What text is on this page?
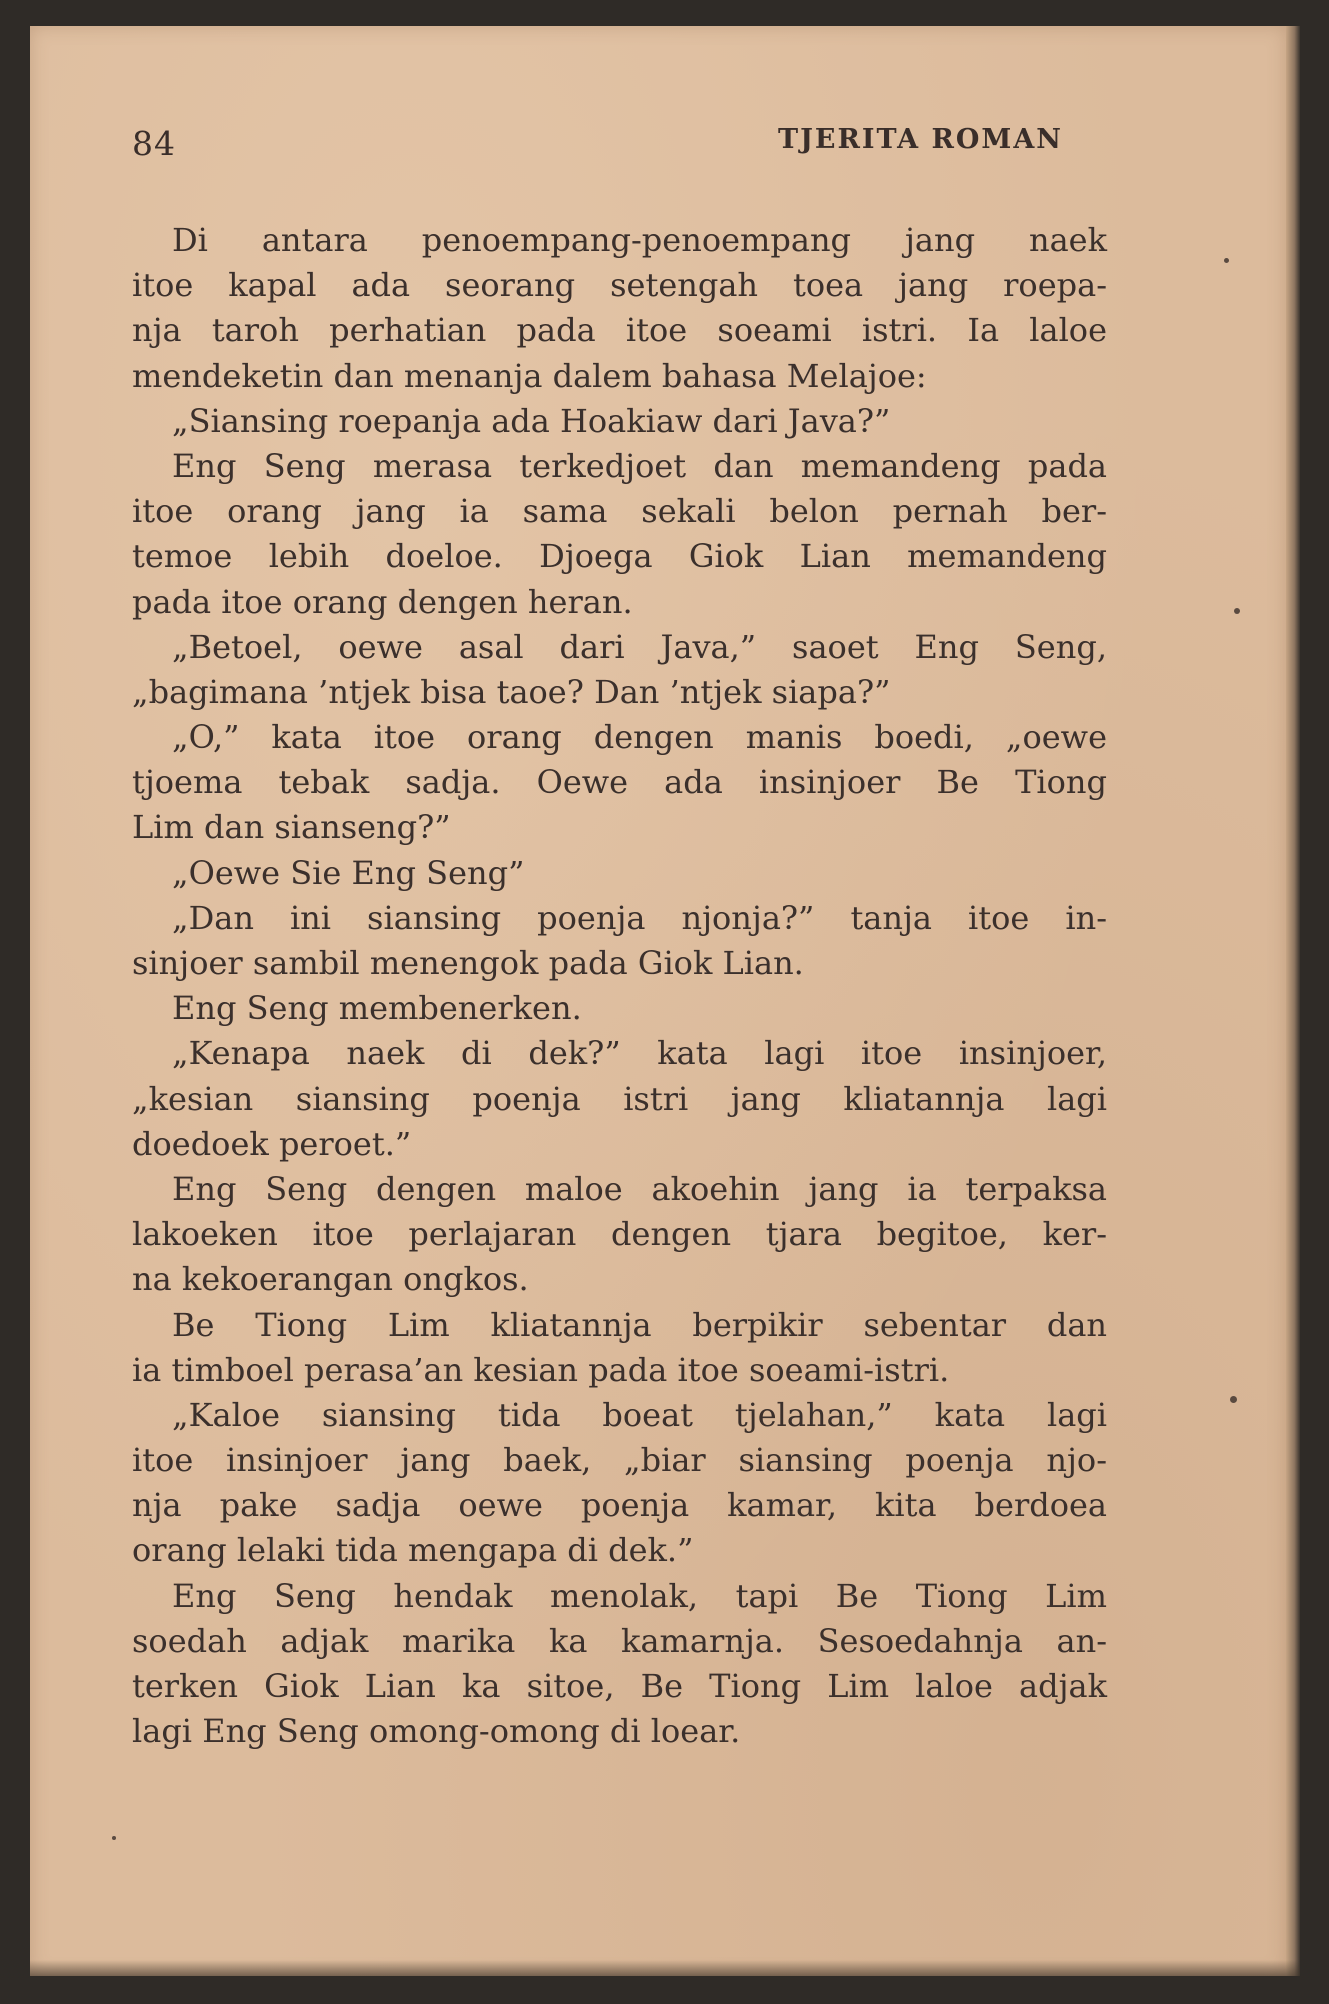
84	TJERITA ROMAN
Di antara penoempang-penoempang jang naek
itoe kapal ada seorang setengah toea jang roepa-
nja taroh perhatian pada itoe soeami istri. Ia laloe
mendeketin dan menanja dalem bahasa Melajoe:
„Siansing roepanja ada Hoakiaw dari Java?”
Eng Seng merasa terkedjoet dan memandeng pada
itoe orang jang ia sama sekali belon pernah ber-
temoe lebih doeloe. Djoega Giok Lian memandeng
pada itoe orang dengen heran.
„Betoel, oewe asal dari Java,” saoet Eng Seng,
„bagimana ’ntjek bisa taoe? Dan ’ntjek siapa?”
„O,” kata itoe orang dengen manis boedi, „oewe
tjoema tebak sadja. Oewe ada insinjoer Be Tiong
Lim dan sianseng?”
„Oewe Sie Eng Seng”
„Dan ini siansing poenja njonja?” tanja itoe in-
sinjoer sambil menengok pada Giok Lian.
Eng Seng membenerken.
„Kenapa naek di dek?” kata lagi itoe insinjoer,
„kesian siansing poenja istri jang kliatannja lagi
doedoek peroet.”
Eng Seng dengen maloe akoehin jang ia terpaksa
lakoeken itoe perlajaran dengen tjara begitoe, ker-
na kekoerangan ongkos.
Be Tiong Lim kliatannja berpikir sebentar dan
ia timboel perasa’an kesian pada itoe soeami-istri.
„Kaloe siansing tida boeat tjelahan,” kata lagi
itoe insinjoer jang baek, „biar siansing poenja njo-
nja pake sadja oewe poenja kamar, kita berdoea
orang lelaki tida mengapa di dek.”
Eng Seng hendak menolak, tapi Be Tiong Lim
soedah adjak marika ka kamarnja. Sesoedahnja an-
terken Giok Lian ka sitoe, Be Tiong Lim laloe adjak
lagi Eng Seng omong-omong di loear.
